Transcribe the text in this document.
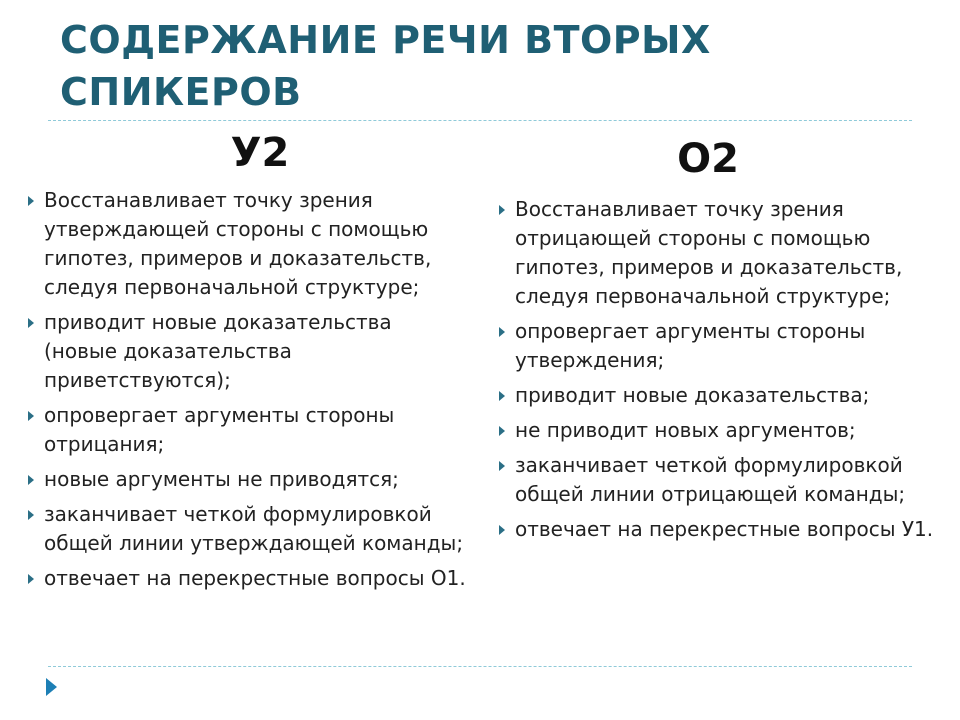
СОДЕРЖАНИЕ РЕЧИ ВТОРЫХ СПИКЕРОВ
У2	О2
Восстанавливает точку зрения утверждающей стороны с помощью гипотез, примеров и доказательств, следуя первоначальной структуре;
приводит новые доказательства (новые доказательства приветствуются);
опровергает аргументы стороны отрицания;
новые аргументы не приводятся;
заканчивает четкой формулировкой общей линии утверждающей команды;
отвечает на перекрестные вопросы О1.
Восстанавливает точку зрения отрицающей стороны с помощью гипотез, примеров и доказательств, следуя первоначальной структуре;
опровергает аргументы стороны утверждения;
приводит новые доказательства;
не приводит новых аргументов;
заканчивает четкой формулировкой общей линии отрицающей команды;
отвечает на перекрестные вопросы У1.
